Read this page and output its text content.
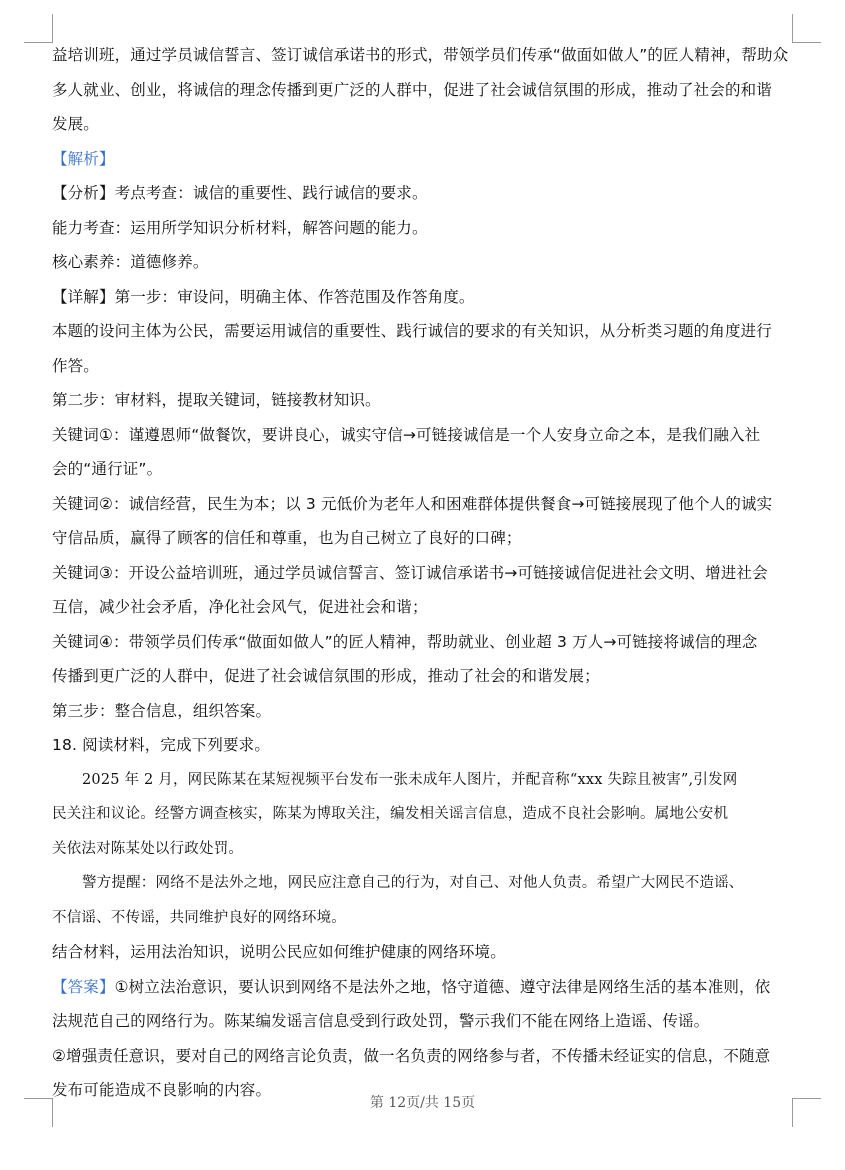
益培训班，通过学员诚信誓言、签订诚信承诺书的形式，带领学员们传承“做面如做人”的匠人精神，帮助众
多人就业、创业，将诚信的理念传播到更广泛的人群中，促进了社会诚信氛围的形成，推动了社会的和谐
发展。
【解析】
【分析】考点考查：诚信的重要性、践行诚信的要求。
能力考查：运用所学知识分析材料，解答问题的能力。
核心素养：道德修养。
【详解】第一步：审设问，明确主体、作答范围及作答角度。
本题的设问主体为公民，需要运用诚信的重要性、践行诚信的要求的有关知识，从分析类习题的角度进行
作答。
第二步：审材料，提取关键词，链接教材知识。
关键词①：谨遵恩师“做餐饮，要讲良心，诚实守信→可链接诚信是一个人安身立命之本，是我们融入社
会的“通行证”。
关键词②：诚信经营，民生为本；以 3 元低价为老年人和困难群体提供餐食→可链接展现了他个人的诚实
守信品质，赢得了顾客的信任和尊重，也为自己树立了良好的口碑；
关键词③：开设公益培训班，通过学员诚信誓言、签订诚信承诺书→可链接诚信促进社会文明、增进社会
互信，减少社会矛盾，净化社会风气，促进社会和谐；
关键词④：带领学员们传承“做面如做人”的匠人精神，帮助就业、创业超 3 万人→可链接将诚信的理念
传播到更广泛的人群中，促进了社会诚信氛围的形成，推动了社会的和谐发展；
第三步：整合信息，组织答案。
18. 阅读材料，完成下列要求。
2025 年 2 月，网民陈某在某短视频平台发布一张未成年人图片，并配音称“xxx 失踪且被害”,引发网
民关注和议论。经警方调查核实，陈某为博取关注，编发相关谣言信息，造成不良社会影响。属地公安机
关依法对陈某处以行政处罚。
警方提醒：网络不是法外之地，网民应注意自己的行为，对自己、对他人负责。希望广大网民不造谣、
不信谣、不传谣，共同维护良好的网络环境。
结合材料，运用法治知识，说明公民应如何维护健康的网络环境。
【答案】①树立法治意识，要认识到网络不是法外之地，恪守道德、遵守法律是网络生活的基本准则，依
法规范自己的网络行为。陈某编发谣言信息受到行政处罚，警示我们不能在网络上造谣、传谣。
②增强责任意识，要对自己的网络言论负责，做一名负责的网络参与者，不传播未经证实的信息，不随意
发布可能造成不良影响的内容。
第 12页/共 15页
